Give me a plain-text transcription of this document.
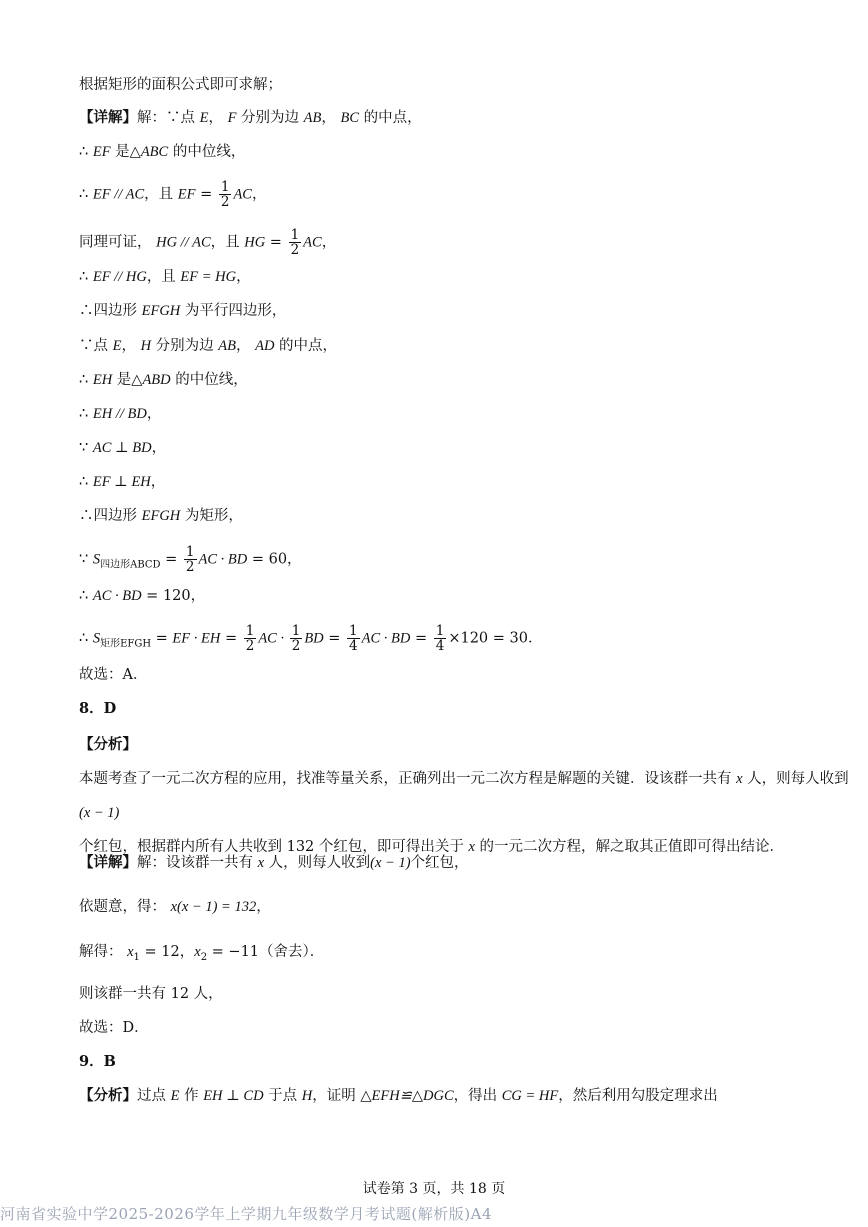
根据矩形的面积公式即可求解；
【详解】解：∵点 E， F 分别为边 AB， BC 的中点，
∴ EF 是△ABC 的中位线，
∴ EF // AC，且 EF = $\frac{1}{2}$ AC，
同理可证， HG // AC，且 HG = $\frac{1}{2}$ AC，
∴ EF // HG，且 EF = HG，
∴四边形 EFGH 为平行四边形，
∵点 E， H 分别为边 AB， AD 的中点，
∴ EH 是△ABD 的中位线，
∴ EH // BD，
∵ AC ⊥ BD，
∴ EF ⊥ EH，
∴四边形 EFGH 为矩形，
∵ $S_{四边形ABCD} = \frac{1}{2}$ AC · BD = 60，
∴ AC · BD = 120，
∴ $S_{矩形EFGH}$ = EF · EH = $\frac{1}{2}$ AC · $\frac{1}{2}$ BD = $\frac{1}{4}$ AC · BD = $\frac{1}{4} \times 120 = 30$．
故选：A．
8．D
【分析】本题考查了一元二次方程的应用，找准等量关系，正确列出一元二次方程是解题的关键．设该群一共有 x 人，则每人收到(x − 1)个红包，根据群内所有人共收到 132 个红包，即可得出关于 x 的一元二次方程，解之取其正值即可得出结论．
【详解】解：设该群一共有 x 人，则每人收到(x − 1)个红包，
依题意，得： x(x − 1) = 132，
解得： $x_1 = 12$，$x_2 = -11$（舍去）．
则该群一共有 12 人，
故选：D．
9．B
【分析】过点 E 作 EH ⊥ CD 于点 H，证明 △EFH≌△DGC，得出 CG = HF，然后利用勾股定理求出
试卷第 3 页，共 18 页
河南省实验中学2025-2026学年上学期九年级数学月考试题(解析版)A4
